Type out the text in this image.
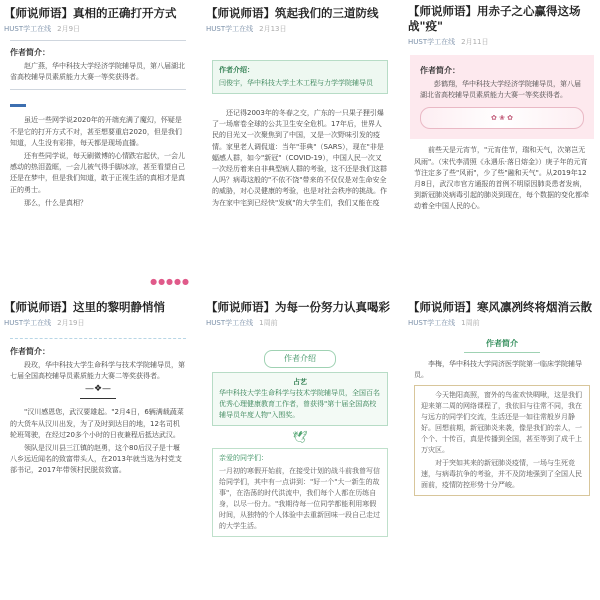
【师说师语】真相的正确打开方式
HUST学工在线 2月9日
作者简介：

赵广燕，华中科技大学经济学院辅导员，第八届湖北省高校辅导员素质能力大赛一等奖获得者。

虽近一些网学说2020年的开端充满了魔幻，怀疑是不是它的打开方式不对，甚至想要重启2020，但是我们知道，人生没有彩排，每天都是现场直播。

还有些同学说，每天刷微博的心情跌宕起伏，一会儿感动的热泪盈眶，一会儿被气得手脚冰凉，甚至看望自己还是在梦中，但是我们知道，敢于正视生活的真相才是真正的勇士。

那么，什么是真相？

●●●●●
【师说师语】筑起我们的三道防线
HUST学工在线 2月13日
作者介绍：
闫俊宇，华中科技大学土木工程与力学学院辅导员

还记得2003年的冬春之交，广东的一只果子狸引爆了一场席卷全球的公共卫生安全危机。17年后，世界人民的目光又一次聚焦到了中国，又是一次野味引发的疫情。家里老人调侃道：当年"菲典"（SARS），现在"非是蝠感人群，如今"新冠"（COVID-19），中国人民一次又一次经历着来自非典型病人群的考验，这不还是我们这群人吗？病毒这般的"不依不饶"带来的不仅仅是对生命安全的威胁，对心灵健康的考验，也是对社会秩序的挑战。作为在家中宅到已经快"发疯"的大学生们，我们又能在疫

【师说师语】用赤子之心赢得这场战"疫"
HUST学工在线 2月11日
作者简介：

彭鹤翔，华中科技大学经济学院辅导员，第八届湖北省高校辅导员素质能力大赛一等奖获得者。

✿ ❀ ✿

前些天是元宵节，"元宵佳节，瑞和天气，次第岂无风雨"。（宋代李清照《永遇乐·落日熔金》）庚子年的元宵节注定多了些"风雨"，少了些"融和天气"。从2019年12月8日，武汉市官方通报的首例不明原因肺炎患者发病，到新冠肺炎病毒引起的肺炎到现在，每个数据的变化都牵动着全中国人民的心。

【师说师语】这里的黎明静悄悄
HUST学工在线 2月19日
作者简介：

段玫，华中科技大学生命科学与技术学院辅导员，第七届全国高校辅导员素质能力大赛二等奖获得者。

—❖—

"汉川感恩您，武汉要雄起。"2月4日，6辆满载蔬菜的大货车从汉川出发，为了及时到达目的地，12名司机轮班驾驶，在经过20多个小时的日夜兼程后抵达武汉。

领队是汉川县三江镇的赵勇，这个80后汉子是十堰八乡远近闻名的致富带头人，在2013年就当选为村党支部书记，2017年带领村民脱贫致富。

【师说师语】为每一份努力认真喝彩
HUST学工在线 1周前
作者介绍
占艺
华中科技大学生命科学与技术学院辅导员，全国百名优秀心理健康教育工作者，曾获得"第十届全国高校辅导员年度人物"入围奖。
🕊
亲爱的同学们：
一月初的寒假开始前，在接受计划的战斗前我曾写信给同学们，其中有一点讲到："好一个"大一新生的故事"，在浩荡的时代洪流中，我们每个人都在历练自身，以尽一份力。"我期待每一位同学都能利用寒假时间，从独特的个人体验中去重新回味一段自己走过的大学生活。
【师说师语】寒风凛冽终将烟消云散
HUST学工在线 1周前
作者简介

李梅，华中科技大学同济医学院第一临床学院辅导员。

今天艳阳高照，窗外的鸟雀欢快啁啾，这是我们迎来第二周的网络课程了，我依旧与往常不同，我在与远方的同学们交流，生活还是一如往常般岁月静好。回想前期，新冠肺炎来袭，像是我们的亲人，一个个、十传百，真是传播到全国，甚至等到了成千上万灾区。
对于突如其来的新冠肺炎疫情，一场与生死竞速，与病毒抗争的考验，并不及防地强到了全国人民面前，疫情防控形势十分严峻。
